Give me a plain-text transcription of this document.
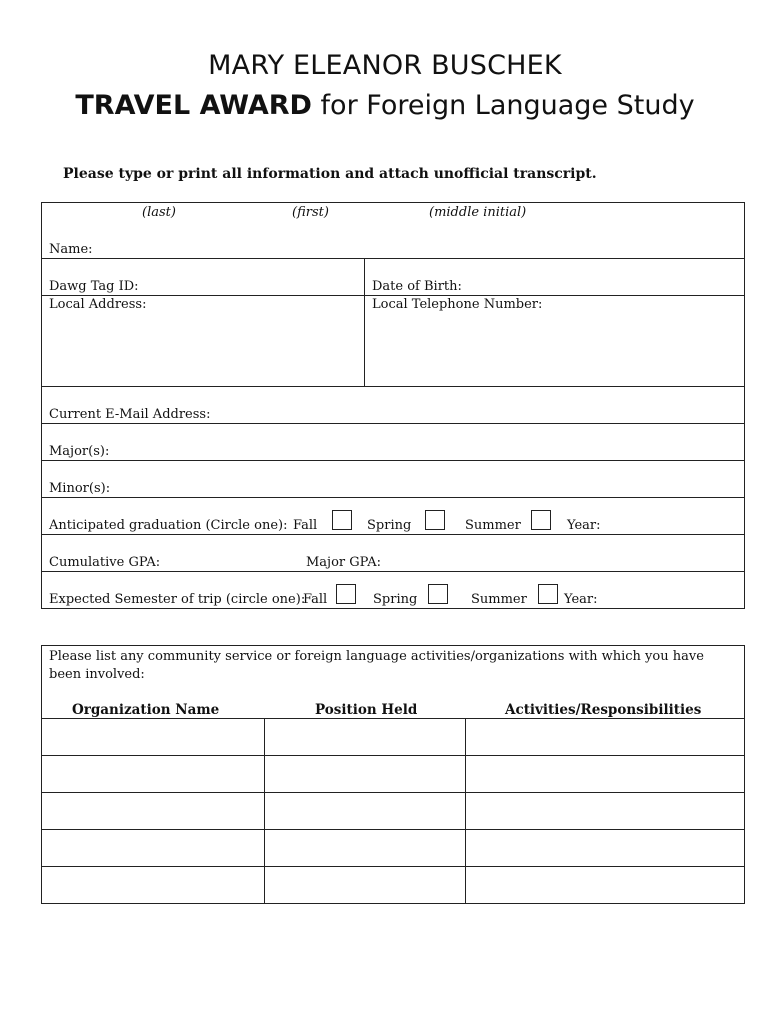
MARY ELEANOR BUSCHEK
TRAVEL AWARD for Foreign Language Study
Please type or print all information and attach unofficial transcript.
(last)	(first)	(middle initial)
Name:
Dawg Tag ID:	Date of Birth:
Local Address:	Local Telephone Number:
Current E-Mail Address:
Major(s):
Minor(s):
Anticipated graduation (Circle one): Fall	Spring	Summer	Year:
Cumulative GPA:	Major GPA:
Expected Semester of trip (circle one):
Fall	Spring	Summer	Year:
Please list any community service or foreign language activities/organizations with which you have been involved:
Organization Name	Position Held	Activities/Responsibilities
